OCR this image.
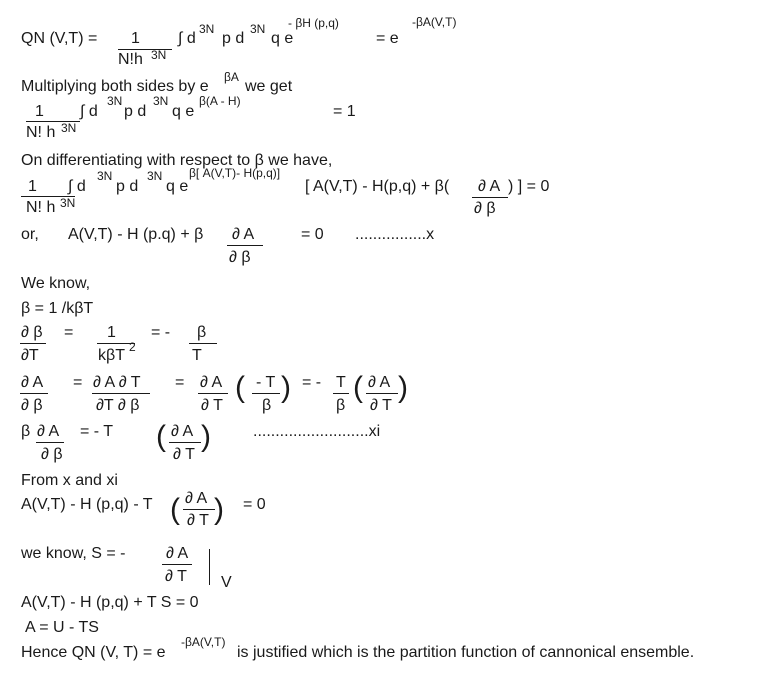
QN (V,T) = 1
N!h 3N
∫ d
3N
p d
3N
q e
- βH (p,q)
= e
-βA(V,T)
Multiplying both sides by e
βA
we get
1
N! h 3N
∫ d
3N
p d
3N
q e
β(A - H)
= 1
On differentiating with respect to β we have,
1
N! h 3N
∫ d
3N
p d
3N
q e
β[ A(V,T)- H(p,q)]
[ A(V,T) - H(p,q) + β( ∂ A
∂ β
) ] = 0
or, A(V,T) - H (p.q) + β ∂ A
∂ β
= 0 ................x
We know,
β = 1 /kβT
∂ β
∂T
= 1
kβT 2
= - β
T
∂ A
∂ β
= ∂ A ∂ T
∂T ∂ β
= ∂ A
∂ T
( - T
β
) = - T
β
( ∂ A
∂ T
)
β ∂ A
∂ β
= - T ( ∂ A
∂ T
)	..........................xi
From x and xi
A(V,T) - H (p,q) - T ( ∂ A
∂ T ) = 0
we know, S = -	∂ A
∂ T V
A(V,T) - H (p,q) + T S = 0
A = U - TS
Hence QN (V, T) = e
-βA(V,T)
is justified which is the partition function of cannonical ensemble.
